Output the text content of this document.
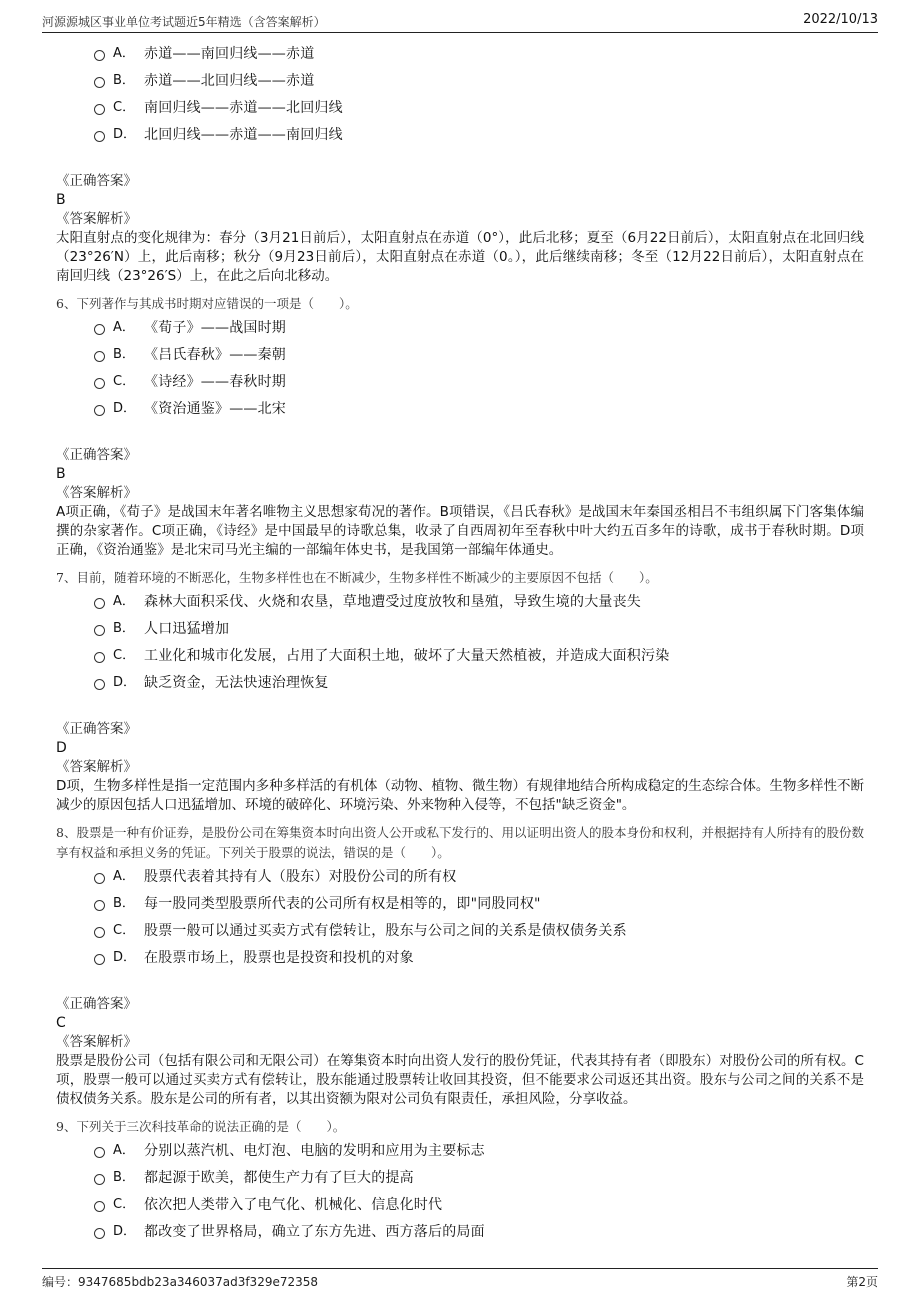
河源源城区事业单位考试题近5年精选（含答案解析）	2022/10/13
A． 赤道——南回归线——赤道
B． 赤道——北回归线——赤道
C． 南回归线——赤道——北回归线
D． 北回归线——赤道——南回归线
《正确答案》
B
《答案解析》
太阳直射点的变化规律为：春分（3月21日前后），太阳直射点在赤道（0°），此后北移；夏至（6月22日前后），太阳直射点在北回归线（23°26′N）上，此后南移；秋分（9月23日前后），太阳直射点在赤道（0。），此后继续南移；冬至（12月22日前后），太阳直射点在南回归线（23°26′S）上，在此之后向北移动。
6、下列著作与其成书时期对应错误的一项是（　　）。
A． 《荀子》——战国时期
B． 《吕氏春秋》——秦朝
C． 《诗经》——春秋时期
D． 《资治通鉴》——北宋
《正确答案》
B
《答案解析》
A项正确，《荀子》是战国末年著名唯物主义思想家荀况的著作。B项错误，《吕氏春秋》是战国末年秦国丞相吕不韦组织属下门客集体编撰的杂家著作。C项正确，《诗经》是中国最早的诗歌总集，收录了自西周初年至春秋中叶大约五百多年的诗歌，成书于春秋时期。D项正确，《资治通鉴》是北宋司马光主编的一部编年体史书，是我国第一部编年体通史。
7、目前，随着环境的不断恶化，生物多样性也在不断减少，生物多样性不断减少的主要原因不包括（　　）。
A． 森林大面积采伐、火烧和农垦，草地遭受过度放牧和垦殖，导致生境的大量丧失
B． 人口迅猛增加
C． 工业化和城市化发展，占用了大面积土地，破坏了大量天然植被，并造成大面积污染
D． 缺乏资金，无法快速治理恢复
《正确答案》
D
《答案解析》
D项，生物多样性是指一定范围内多种多样活的有机体（动物、植物、微生物）有规律地结合所构成稳定的生态综合体。生物多样性不断减少的原因包括人口迅猛增加、环境的破碎化、环境污染、外来物种入侵等，不包括"缺乏资金"。
8、股票是一种有价证券，是股份公司在筹集资本时向出资人公开或私下发行的、用以证明出资人的股本身份和权利，并根据持有人所持有的股份数享有权益和承担义务的凭证。下列关于股票的说法，错误的是（　　）。
A． 股票代表着其持有人（股东）对股份公司的所有权
B． 每一股同类型股票所代表的公司所有权是相等的，即"同股同权"
C． 股票一般可以通过买卖方式有偿转让，股东与公司之间的关系是债权债务关系
D． 在股票市场上，股票也是投资和投机的对象
《正确答案》
C
《答案解析》
股票是股份公司（包括有限公司和无限公司）在筹集资本时向出资人发行的股份凭证，代表其持有者（即股东）对股份公司的所有权。C项，股票一般可以通过买卖方式有偿转让，股东能通过股票转让收回其投资，但不能要求公司返还其出资。股东与公司之间的关系不是债权债务关系。股东是公司的所有者，以其出资额为限对公司负有限责任，承担风险，分享收益。
9、下列关于三次科技革命的说法正确的是（　　）。
A． 分别以蒸汽机、电灯泡、电脑的发明和应用为主要标志
B． 都起源于欧美，都使生产力有了巨大的提高
C． 依次把人类带入了电气化、机械化、信息化时代
D． 都改变了世界格局，确立了东方先进、西方落后的局面
编号：9347685bdb23a346037ad3f329e72358	第2页
